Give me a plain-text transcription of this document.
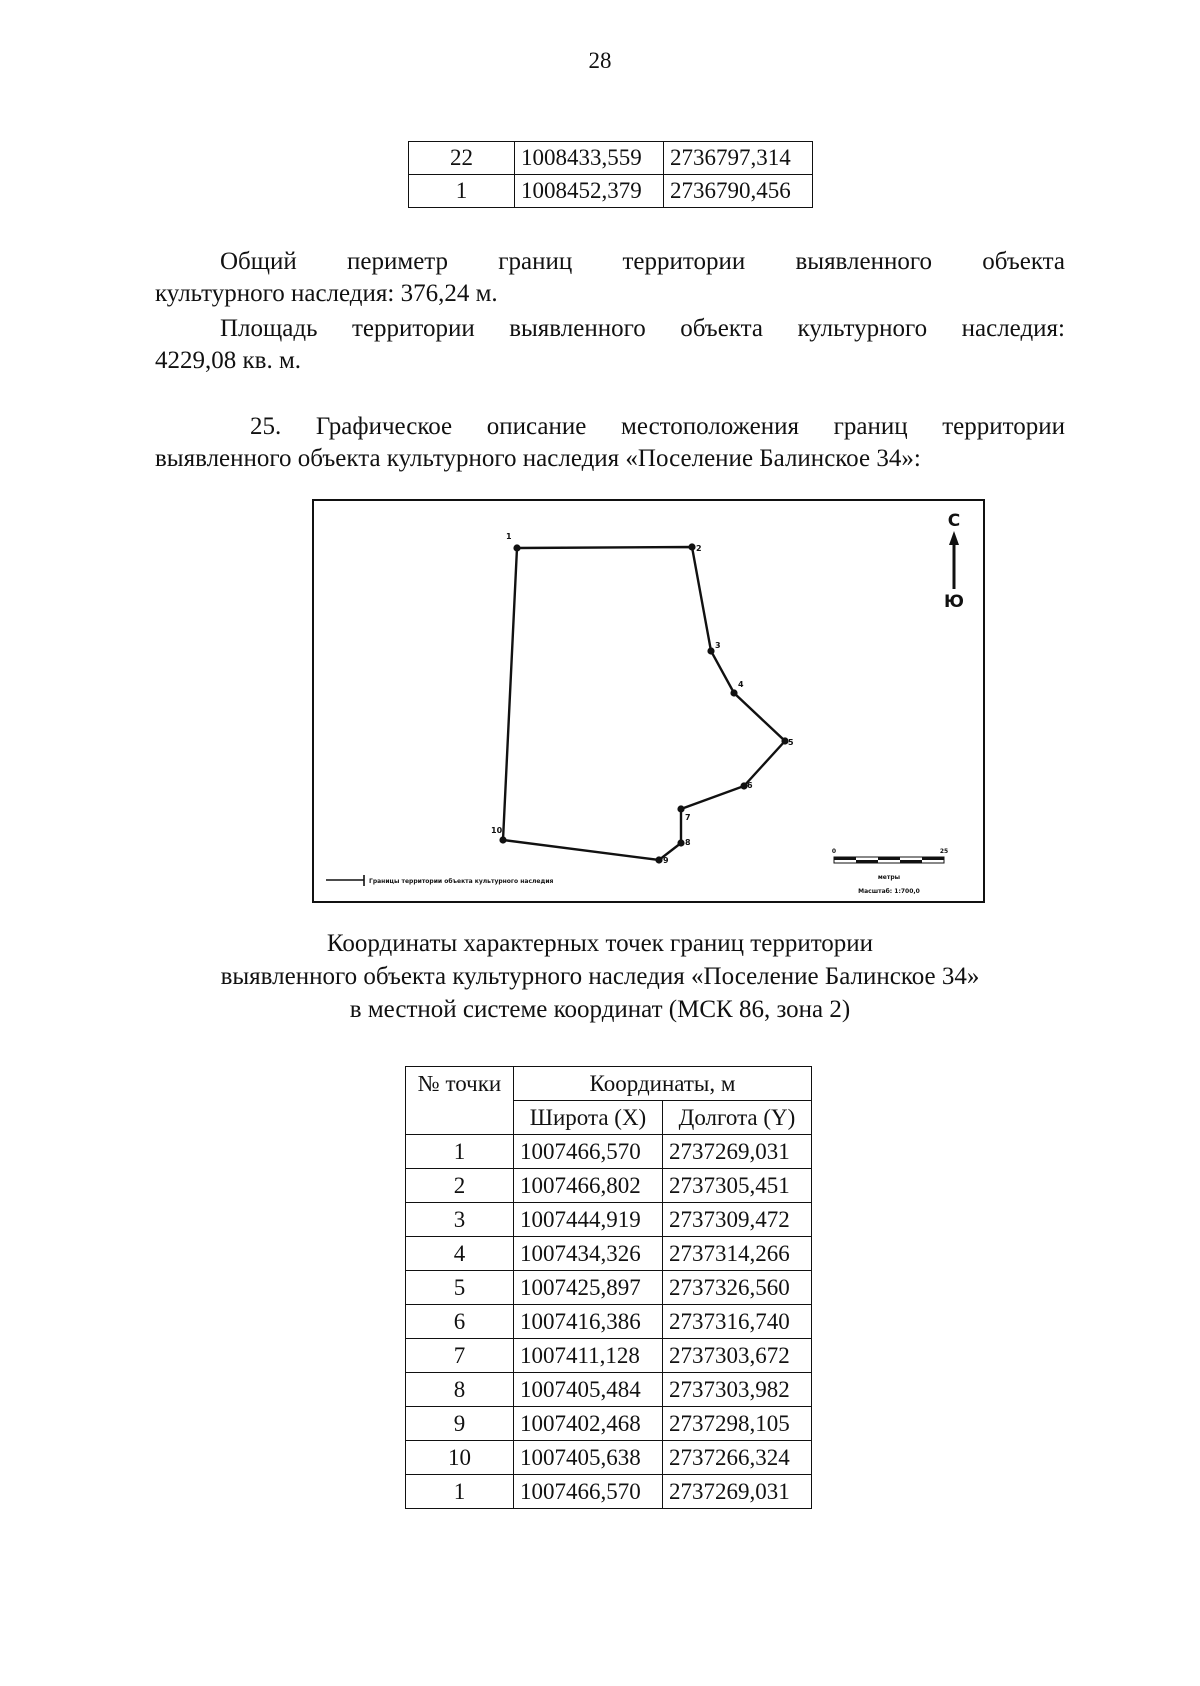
28
22	1008433,559	2736797,314
1	1008452,379	2736790,456
Общий периметр границ территории выявленного объекта
культурного наследия: 376,24 м.
Площадь территории выявленного объекта культурного наследия:
4229,08 кв. м.
25. Графическое описание местоположения границ территории
выявленного объекта культурного наследия «Поселение Балинское 34»:
1
2
3
4
5
6
7
8
9
10
С
Ю
Границы территории объекта культурного наследия
0	25
метры
Масштаб: 1:700,0
Координаты характерных точек границ территории
выявленного объекта культурного наследия «Поселение Балинское 34»
в местной системе координат (МСК 86, зона 2)
№ точки	Координаты, м	
	Широта (X)	Долгота (Y)
1	1007466,570	2737269,031
2	1007466,802	2737305,451
3	1007444,919	2737309,472
4	1007434,326	2737314,266
5	1007425,897	2737326,560
6	1007416,386	2737316,740
7	1007411,128	2737303,672
8	1007405,484	2737303,982
9	1007402,468	2737298,105
10	1007405,638	2737266,324
1	1007466,570	2737269,031
